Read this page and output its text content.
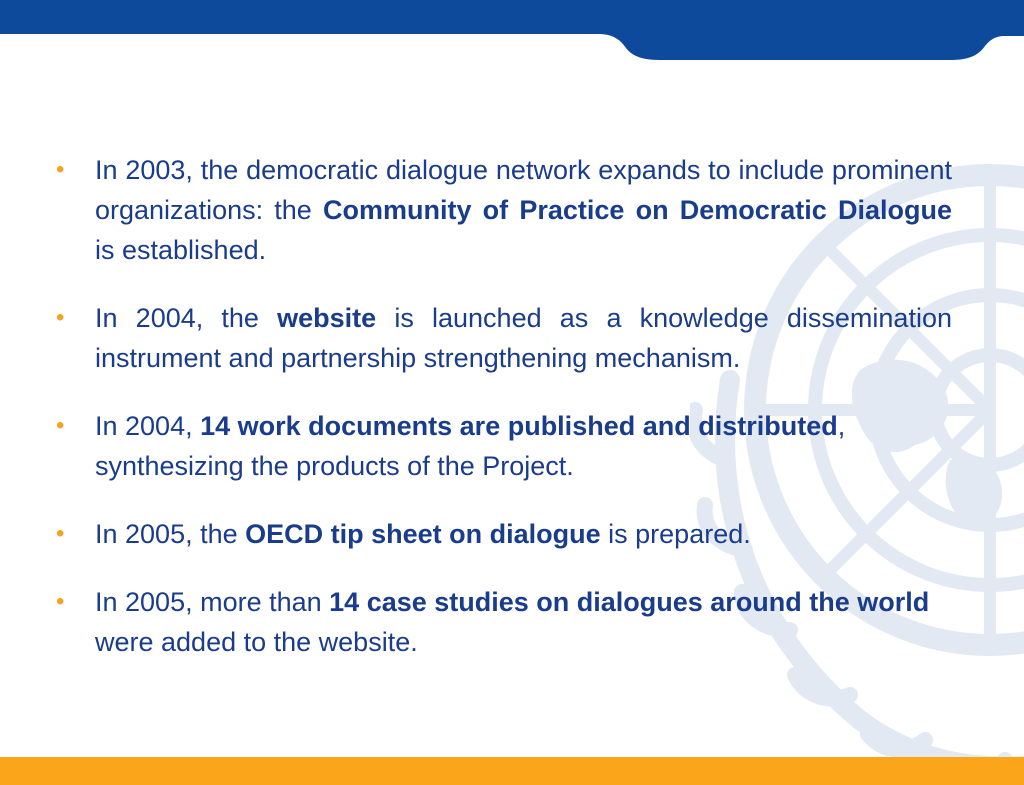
• In 2003, the democratic dialogue network expands to include prominent organizations: the Community of Practice on Democratic Dialogue is established.
• In 2004, the website is launched as a knowledge dissemination instrument and partnership strengthening mechanism.
• In 2004, 14 work documents are published and distributed, synthesizing the products of the Project.
• In 2005, the OECD tip sheet on dialogue is prepared.
• In 2005, more than 14 case studies on dialogues around the world were added to the website.
